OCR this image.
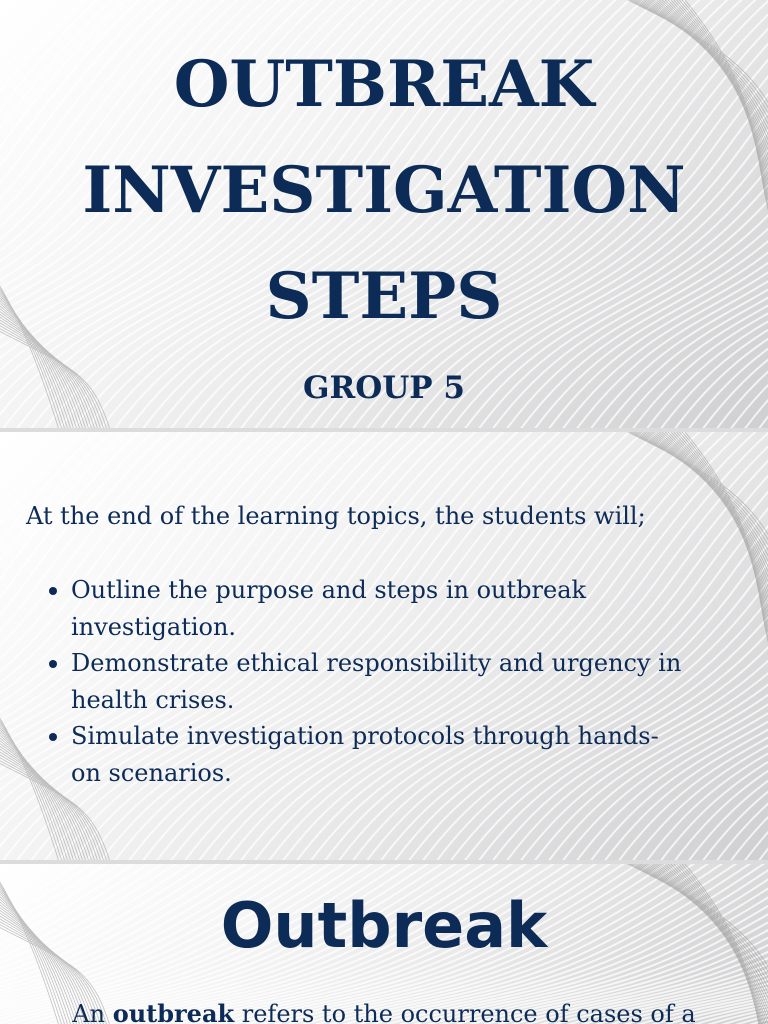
OUTBREAK
INVESTIGATION
STEPS
GROUP 5

At the end of the learning topics, the students will;

Outline the purpose and steps in outbreak
investigation.
Demonstrate ethical responsibility and urgency in
health crises.
Simulate investigation protocols through hands-
on scenarios.
Outbreak

An outbreak refers to the occurrence of cases of a
